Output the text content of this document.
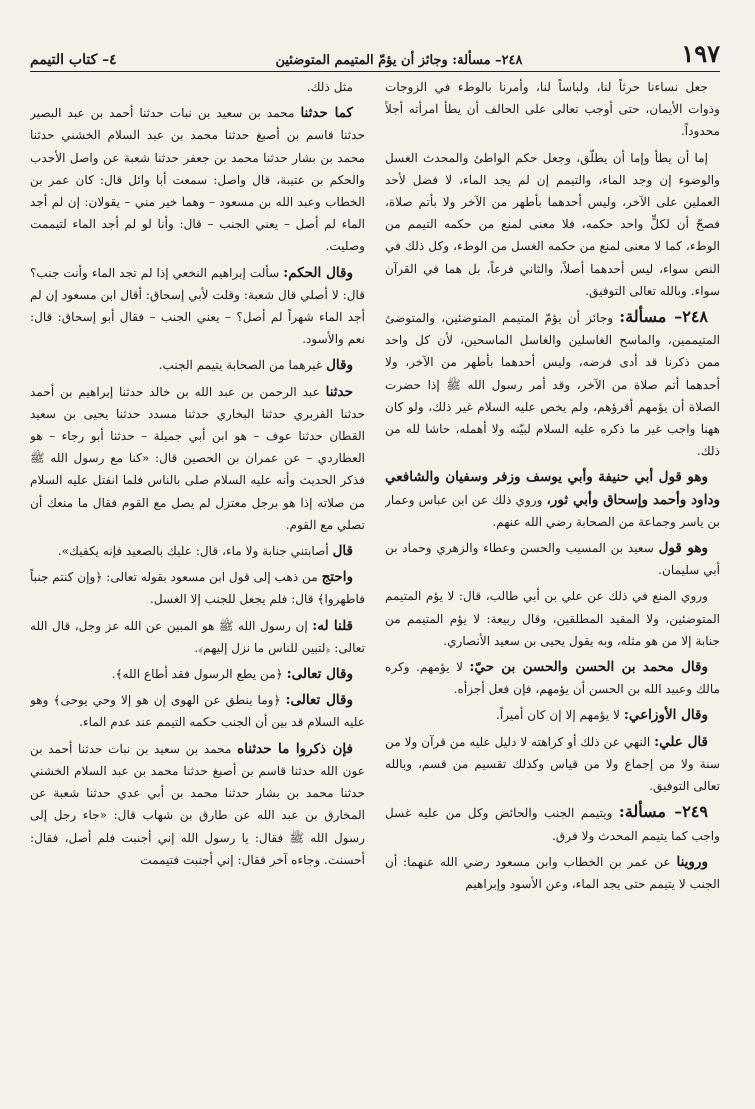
١٩٧
٢٤٨– مسألة: وجائز أن يؤمّ المتيمم المتوضئين
٤– كتاب التيمم

جعل نساءنا حرثاً لنا، ولباساً لنا، وأمرنا بالوطء في الزوجات وذوات الأيمان، حتى أوجب تعالى على الحالف أن يطأ امرأته أجلاً محدوداً.

إما أن يطأ وإما أن يطلّق، وجعل حكم الواطئ والمحدث الغسل والوضوء إن وجد الماء، والتيمم إن لم يجد الماء، لا فضل لأحد العملين على الآخر، وليس أحدهما بأطهر من الآخر ولا بأتم صلاة، فصحّ أن لكلٍّ واحد حكمه، فلا معنى لمنع من حكمه التيمم من الوطء، كما لا معنى لمنع من حكمه الغسل من الوطء، وكل ذلك في النص سواء، ليس أحدهما أصلاً، والثاني فرعاً، بل هما في القرآن سواء. وبالله تعالى التوفيق.

٢٤٨– مسألة: وجائز أن يؤمّ المتيمم المتوضئين، والمتوضئ المتيممين، والماسح الغاسلين والغاسل الماسحين، لأن كل واحد ممن ذكرنا قد أدى فرضه، وليس أحدهما بأطهر من الآخر، ولا أحدهما أتم صلاة من الآخر، وقد أمر رسول الله ﷺ إذا حضرت الصلاة أن يؤمهم أقرؤهم، ولم يخص عليه السلام غير ذلك، ولو كان ههنا واجب غير ما ذكره عليه السلام لبيّنه ولا أهمله، حاشا لله من ذلك.

وهو قول أبي حنيفة وأبي يوسف وزفر وسفيان والشافعي وداود وأحمد وإسحاق وأبي ثور، وروي ذلك عن ابن عباس وعمار بن ياسر وجماعة من الصحابة رضي الله عنهم.

وهو قول سعيد بن المسيب والحسن وعطاء والزهري وحماد بن أبي سليمان.

وروي المنع في ذلك عن علي بن أبي طالب، قال: لا يؤم المتيمم المتوضئين، ولا المقيد المطلقين، وقال ربيعة: لا يؤم المتيمم من جنابة إلا من هو مثله، وبه يقول يحيى بن سعيد الأنصاري.

وقال محمد بن الحسن والحسن بن حيّ: لا يؤمهم. وكره مالك وعبيد الله بن الحسن أن يؤمهم، فإن فعل أجزأه.

وقال الأوزاعي: لا يؤمهم إلا إن كان أميراً.

قال علي: النهي عن ذلك أو كراهته لا دليل عليه من قرآن ولا من سنة ولا من إجماع ولا من قياس وكذلك تقسيم من قسم، وبالله تعالى التوفيق.

٢٤٩– مسألة: ويتيمم الجنب والحائض وكل من عليه غسل واجب كما يتيمم المحدث ولا فرق.

وروينا عن عمر بن الخطاب وابن مسعود رضي الله عنهما: أن الجنب لا يتيمم حتى يجد الماء، وعن الأسود وإبراهيم

مثل ذلك.

كما حدثنا محمد بن سعيد بن نبات حدثنا أحمد بن عبد البصير حدثنا قاسم بن أصبغ حدثنا محمد بن عبد السلام الخشني حدثنا محمد بن بشار حدثنا محمد بن جعفر حدثنا شعبة عن واصل الأحدب والحكم بن عتيبة، قال واصل: سمعت أبا وائل قال: كان عمر بن الخطاب وعبد الله بن مسعود – وهما خير مني – يقولان: إن لم أجد الماء لم أصل – يعني الجنب – قال: وأنا لو لم أجد الماء لتيممت وصليت.

وقال الحكم: سألت إبراهيم النخعي إذا لم تجد الماء وأنت جنب؟ قال: لا أصلي قال شعبة: وقلت لأبي إسحاق: أقال ابن مسعود إن لم أجد الماء شهراً لم أصل؟ – يعني الجنب – فقال أبو إسحاق: قال: نعم والأسود.

وقال غيرهما من الصحابة يتيمم الجنب.

حدثنا عبد الرحمن بن عبد الله بن خالد حدثنا إبراهيم بن أحمد حدثنا الفربري حدثنا البخاري حدثنا مسدد حدثنا يحيى بن سعيد القطان حدثنا عوف – هو ابن أبي جميلة – حدثنا أبو رجاء – هو العطاردي – عن عمران بن الحصين قال: «كنا مع رسول الله ﷺ فذكر الحديث وأنه عليه السلام صلى بالناس فلما انفتل عليه السلام من صلاته إذا هو برجل معتزل لم يصل مع القوم فقال ما منعك أن تصلي مع القوم.

قال أصابتني جنابة ولا ماء، قال: عليك بالصعيد فإنه يكفيك».

واحتج من ذهب إلى قول ابن مسعود بقوله تعالى: ﴿وإن كنتم جنباً فاطهروا﴾ قال: فلم يجعل للجنب إلا الغسل.

قلنا له: إن رسول الله ﷺ هو المبين عن الله عز وجل، قال الله تعالى: ﴿لتبين للناس ما نزل إليهم﴾.

وقال تعالى: ﴿من يطع الرسول فقد أطاع الله﴾.

وقال تعالى: ﴿وما ينطق عن الهوى إن هو إلا وحي يوحى﴾ وهو عليه السلام قد بين أن الجنب حكمه التيمم عند عدم الماء.

فإن ذكروا ما حدثناه محمد بن سعيد بن نبات حدثنا أحمد بن عون الله حدثنا قاسم بن أصبغ حدثنا محمد بن عبد السلام الخشني حدثنا محمد بن بشار حدثنا محمد بن أبي عدي حدثنا شعبة عن المخارق بن عبد الله عن طارق بن شهاب قال: «جاء رجل إلى رسول الله ﷺ فقال: يا رسول الله إني أجنبت فلم أصل، فقال: أحسنت. وجاءه آخر فقال: إني أجنبت فتيممت
